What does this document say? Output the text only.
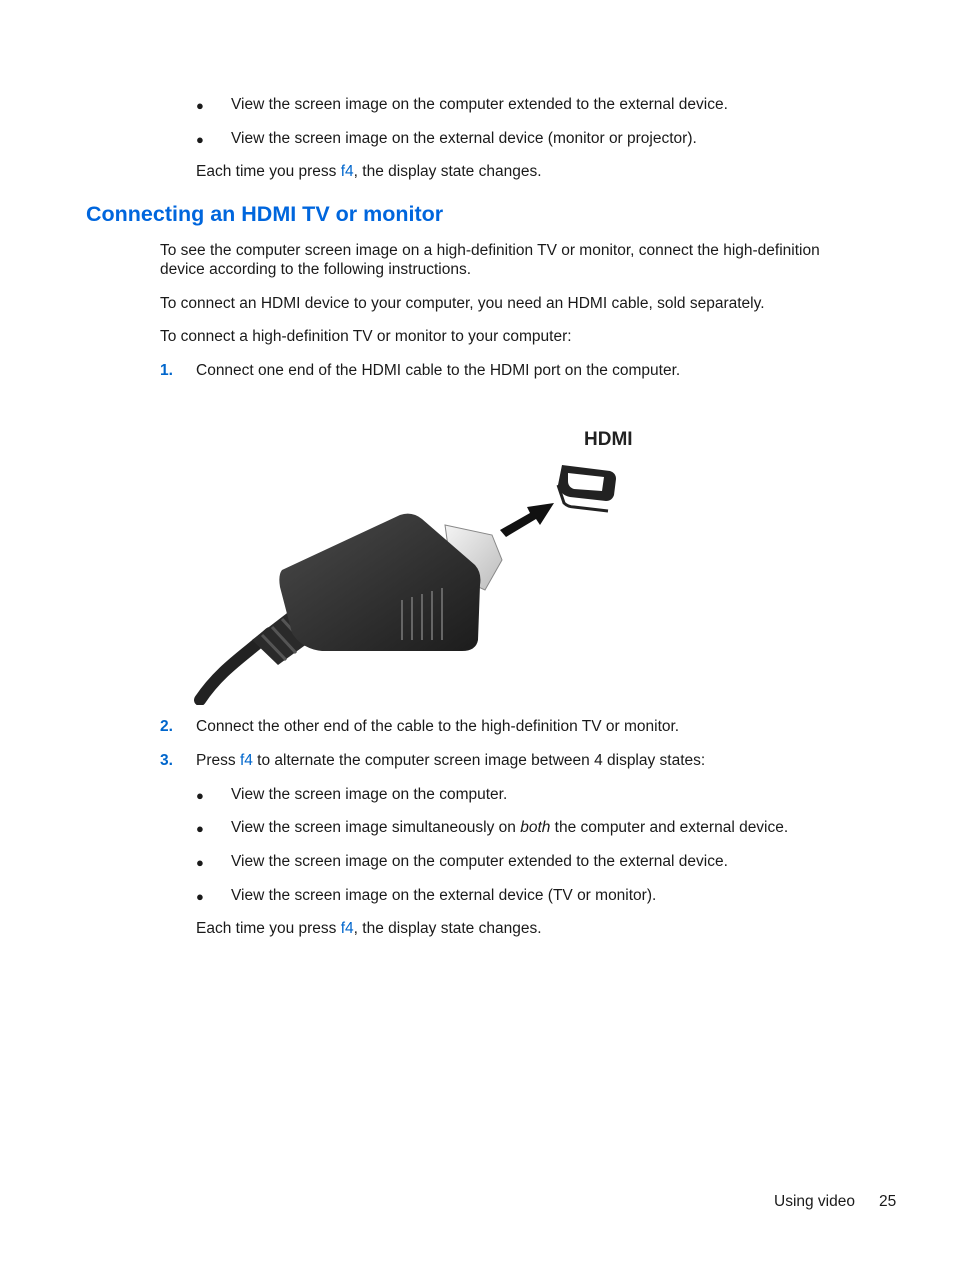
● View the screen image on the computer extended to the external device.
● View the screen image on the external device (monitor or projector).
Each time you press f4, the display state changes.
Connecting an HDMI TV or monitor
To see the computer screen image on a high-definition TV or monitor, connect the high-definition
device according to the following instructions.
To connect an HDMI device to your computer, you need an HDMI cable, sold separately.
To connect a high-definition TV or monitor to your computer:
1. Connect one end of the HDMI cable to the HDMI port on the computer.
HDMI
2. Connect the other end of the cable to the high-definition TV or monitor.
3. Press f4 to alternate the computer screen image between 4 display states:
● View the screen image on the computer.
● View the screen image simultaneously on both the computer and external device.
● View the screen image on the computer extended to the external device.
● View the screen image on the external device (TV or monitor).
Each time you press f4, the display state changes.
Using video 25
